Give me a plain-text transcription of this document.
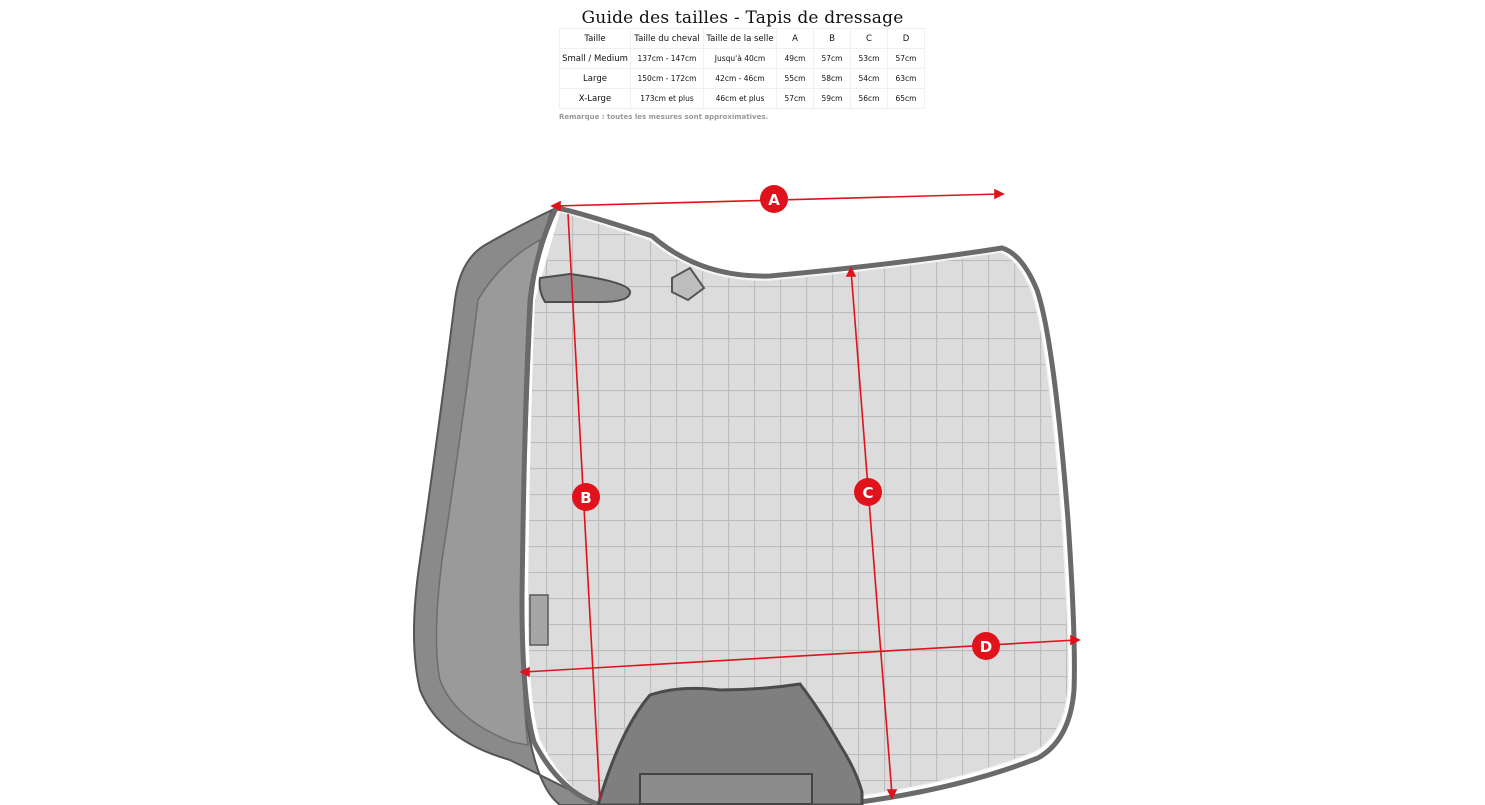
Guide des tailles - Tapis de dressage
Taille	Taille du cheval	Taille de la selle	A	B	C	D
Small / Medium	137cm - 147cm	Jusqu'à 40cm	49cm	57cm	53cm	57cm
Large	150cm - 172cm	42cm - 46cm	55cm	58cm	54cm	63cm
X-Large	173cm et plus	46cm et plus	57cm	59cm	56cm	65cm
Remarque : toutes les mesures sont approximatives.
A
B	C
D
